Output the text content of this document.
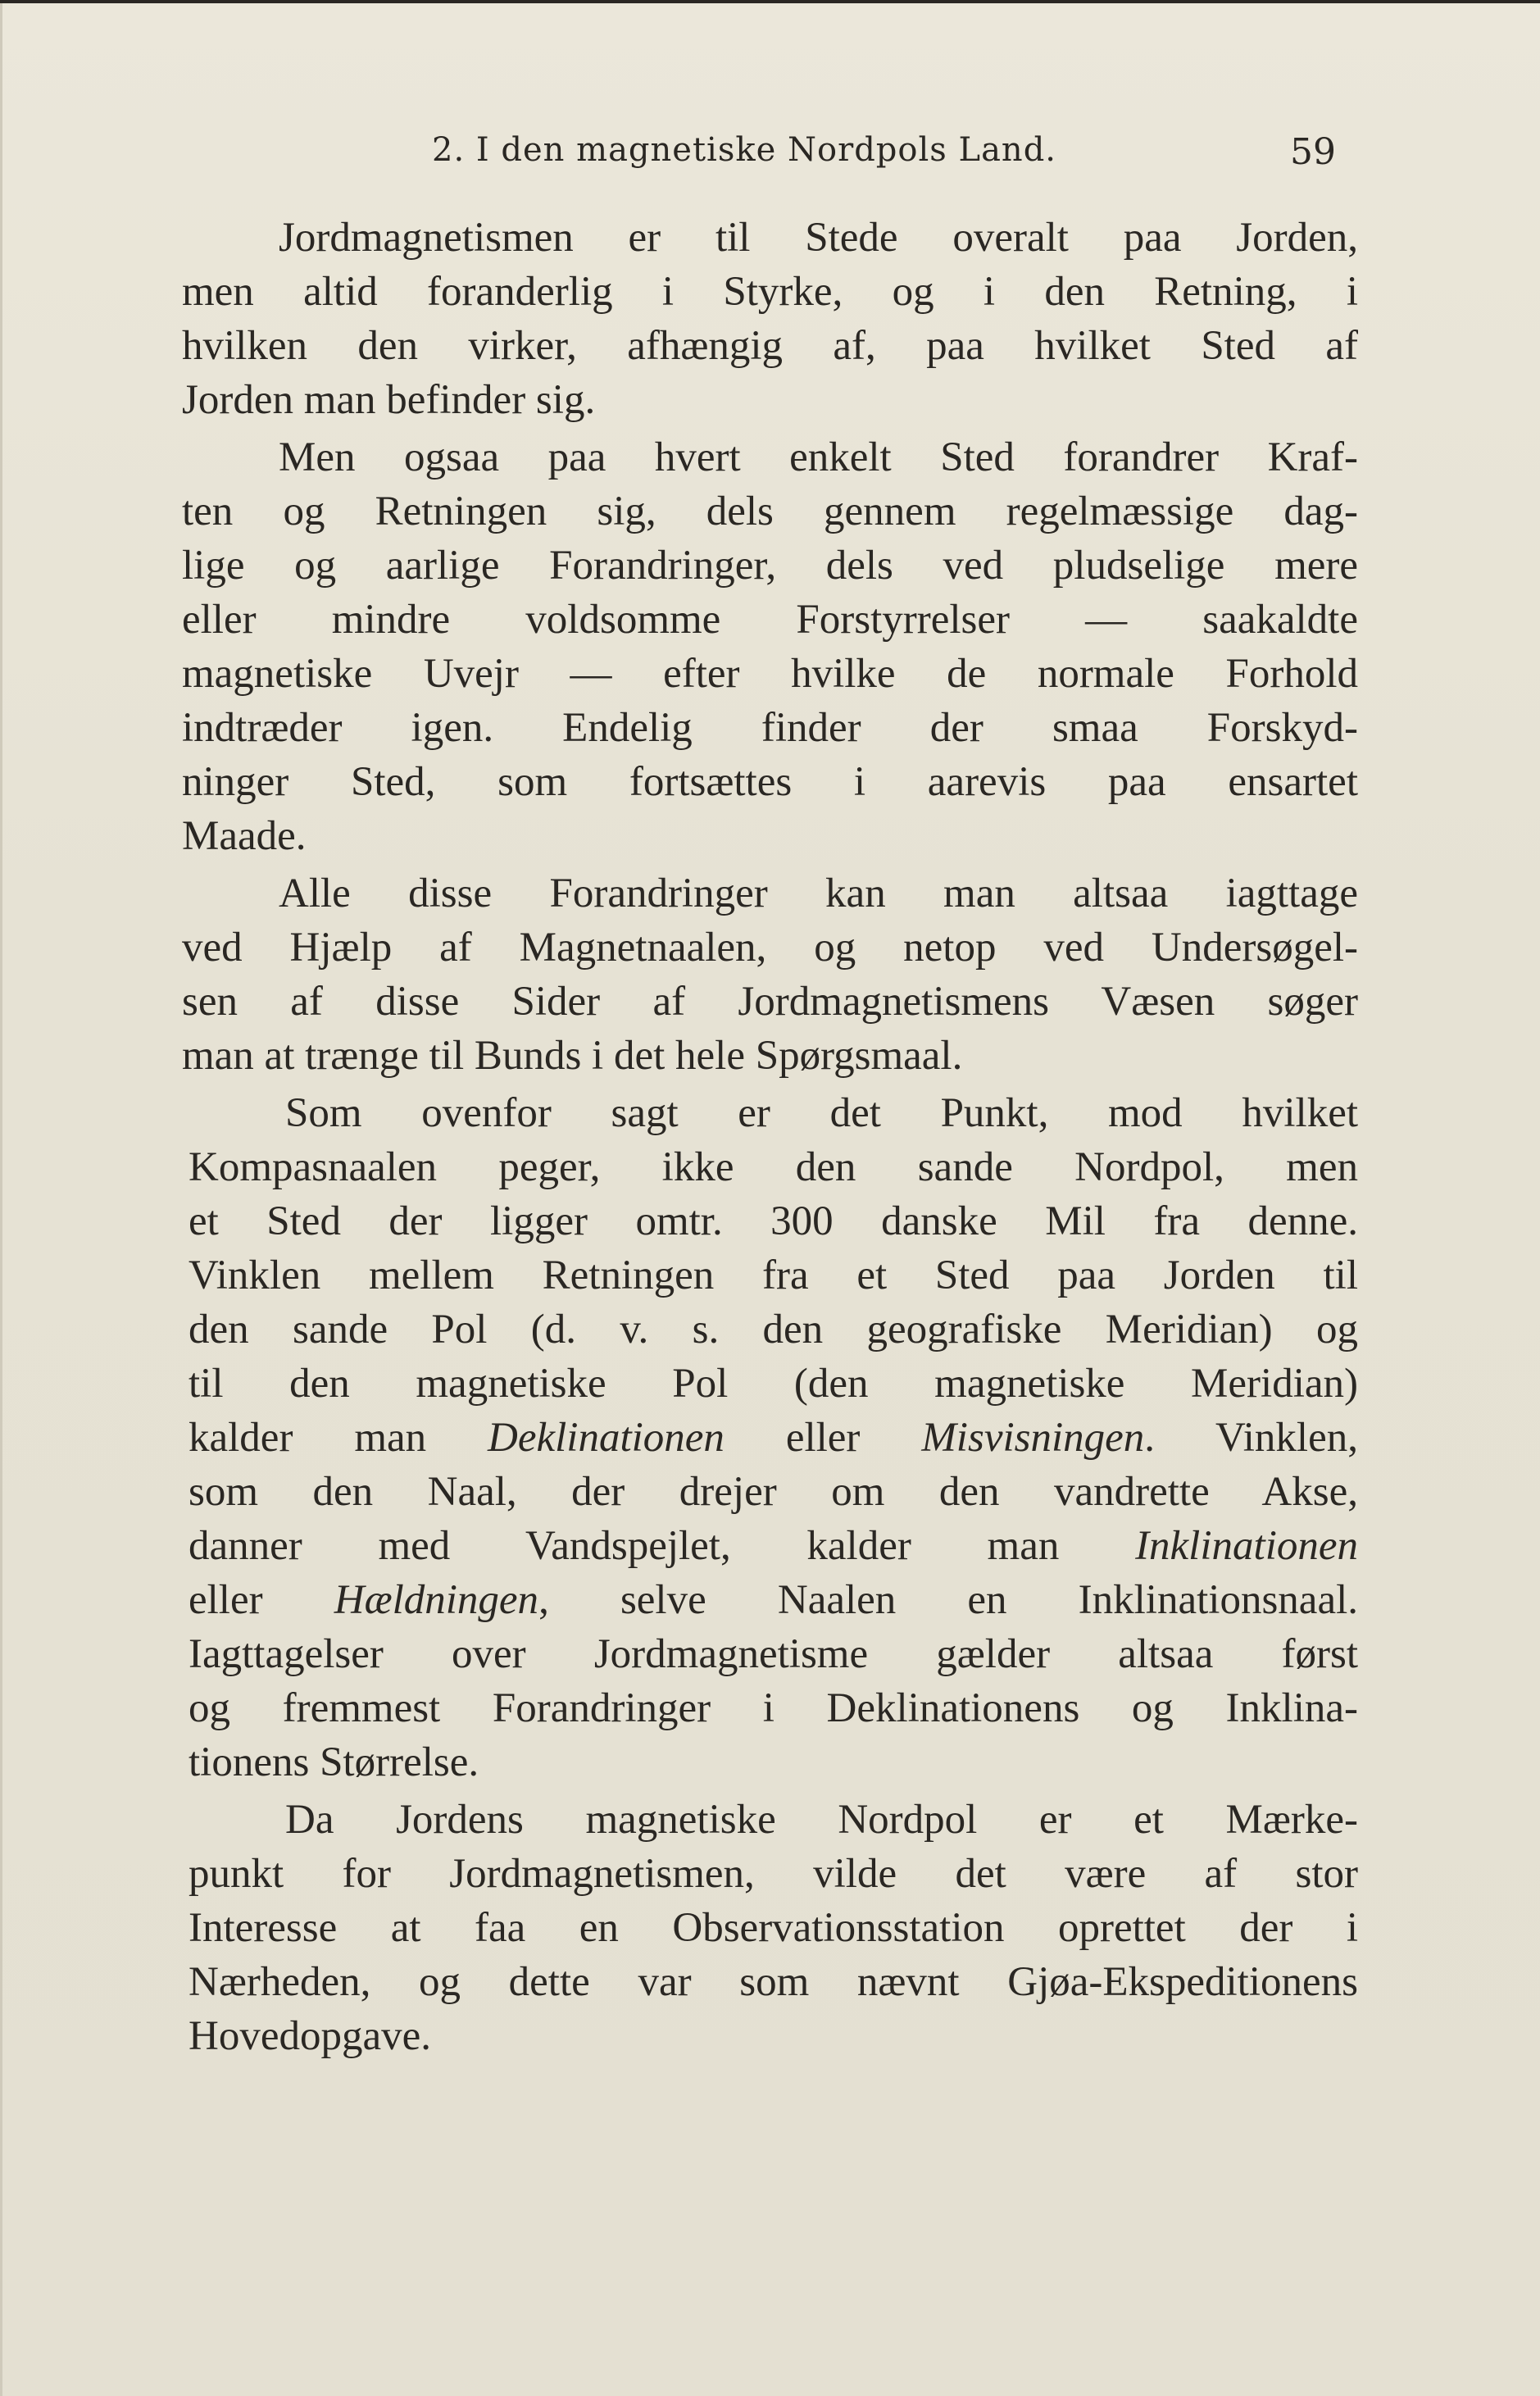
2. I den magnetiske Nordpols Land.	59
Jordmagnetismen er til Stede overalt paa Jorden,
men altid foranderlig i Styrke, og i den Retning, i
hvilken den virker, afhængig af, paa hvilket Sted af
Jorden man befinder sig.
Men ogsaa paa hvert enkelt Sted forandrer Kraf-
ten og Retningen sig, dels gennem regelmæssige dag-
lige og aarlige Forandringer, dels ved pludselige mere
eller mindre voldsomme Forstyrrelser — saakaldte
magnetiske Uvejr — efter hvilke de normale Forhold
indtræder igen. Endelig finder der smaa Forskyd-
ninger Sted, som fortsættes i aarevis paa ensartet
Maade.
Alle disse Forandringer kan man altsaa iagttage
ved Hjælp af Magnetnaalen, og netop ved Undersøgel-
sen af disse Sider af Jordmagnetismens Væsen søger
man at trænge til Bunds i det hele Spørgsmaal.
Som ovenfor sagt er det Punkt, mod hvilket
Kompasnaalen peger, ikke den sande Nordpol, men
et Sted der ligger omtr. 300 danske Mil fra denne.
Vinklen mellem Retningen fra et Sted paa Jorden til
den sande Pol (d. v. s. den geografiske Meridian) og
til den magnetiske Pol (den magnetiske Meridian)
kalder man Deklinationen eller Misvisningen. Vinklen,
som den Naal, der drejer om den vandrette Akse,
danner med Vandspejlet, kalder man Inklinationen
eller Hældningen, selve Naalen en Inklinationsnaal.
Iagttagelser over Jordmagnetisme gælder altsaa først
og fremmest Forandringer i Deklinationens og Inklina-
tionens Størrelse.
Da Jordens magnetiske Nordpol er et Mærke-
punkt for Jordmagnetismen, vilde det være af stor
Interesse at faa en Observationsstation oprettet der i
Nærheden, og dette var som nævnt Gjøa-Ekspeditionens
Hovedopgave.
